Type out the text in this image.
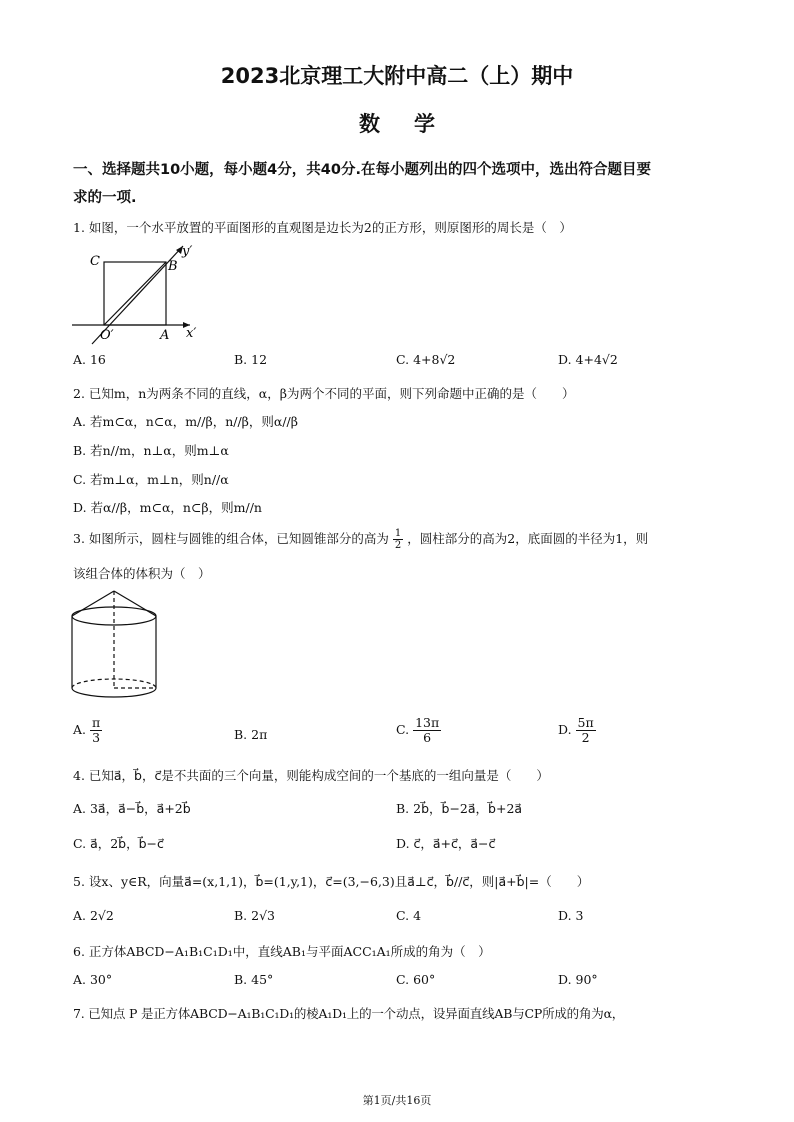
2023北京理工大附中高二（上）期中
数学
一、选择题共10小题，每小题4分，共40分.在每小题列出的四个选项中，选出符合题目要
求的一项.
1. 如图，一个水平放置的平面图形的直观图是边长为2的正方形，则原图形的周长是（　）
C	B
O′	A x′
y′
A. 16	B. 12	C. 4+8√2	D. 4+4√2
2. 已知m，n为两条不同的直线，α，β为两个不同的平面，则下列命题中正确的是（　　）
A. 若m⊂α，n⊂α，m//β，n//β，则α//β
B. 若n//m，n⊥α，则m⊥α
C. 若m⊥α，m⊥n，则n//α
D. 若α//β，m⊂α，n⊂β，则m//n
3. 如图所示，圆柱与圆锥的组合体，已知圆锥部分的高为 $\frac{1}{2}$ ，圆柱部分的高为2，底面圆的半径为1，则
该组合体的体积为（　）
A. $\frac{\pi}{3}$	B. 2π	C. $\frac{13\pi}{6}$	D. $\frac{5\pi}{2}$
4. 已知a⃗，b⃗，c⃗是不共面的三个向量，则能构成空间的一个基底的一组向量是（　　）
A. 3a⃗，a⃗−b⃗，a⃗+2b⃗	B. 2b⃗，b⃗−2a⃗，b⃗+2a⃗
C. a⃗，2b⃗，b⃗−c⃗	D. c⃗，a⃗+c⃗，a⃗−c⃗
5. 设x、y∈R，向量a⃗=(x,1,1)，b⃗=(1,y,1)，c⃗=(3,−6,3)且a⃗⊥c⃗，b⃗//c⃗，则|a⃗+b⃗|=（　　）
A. 2√2	B. 2√3	C. 4	D. 3
6. 正方体ABCD−A₁B₁C₁D₁中，直线AB₁与平面ACC₁A₁所成的角为（　）
A. 30°	B. 45°	C. 60°	D. 90°
7. 已知点 P 是正方体ABCD−A₁B₁C₁D₁的棱A₁D₁上的一个动点，设异面直线AB与CP所成的角为α，
第1页/共16页
